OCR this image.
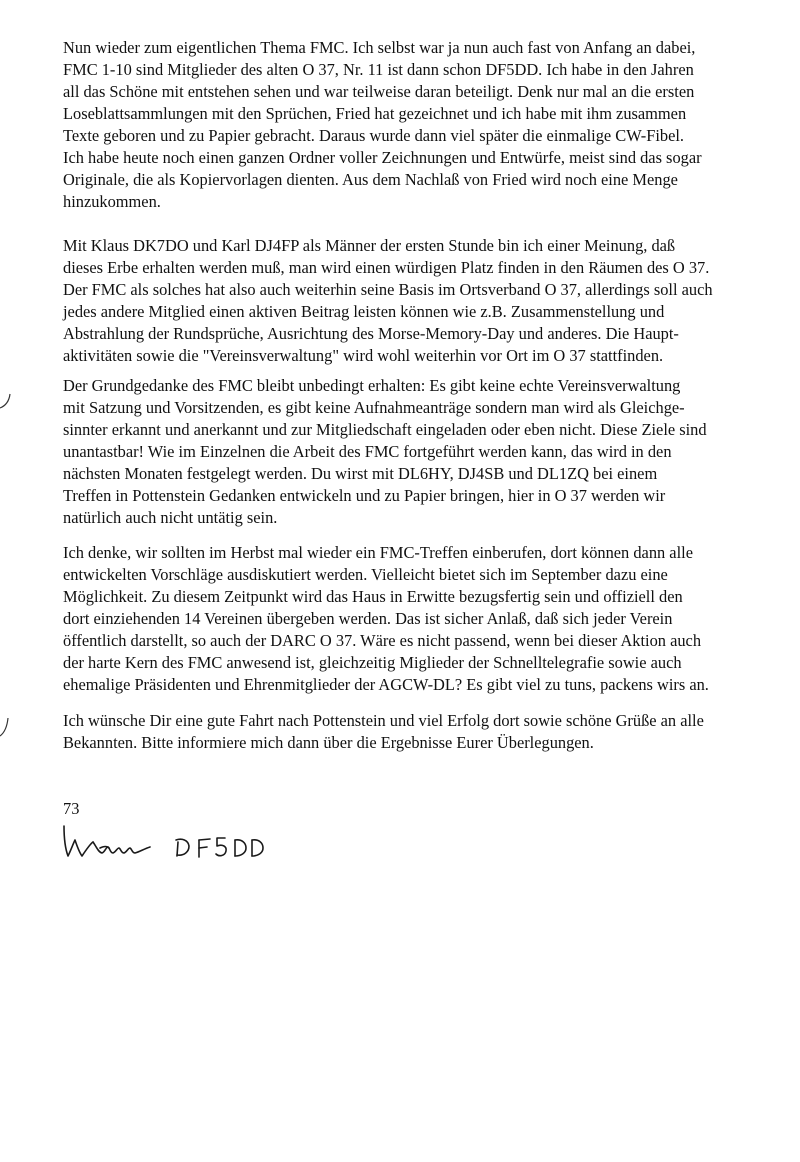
Nun wieder zum eigentlichen Thema FMC. Ich selbst war ja nun auch fast von Anfang an dabei,
FMC 1-10 sind Mitglieder des alten O 37, Nr. 11 ist dann schon DF5DD. Ich habe in den Jahren
all das Schöne mit entstehen sehen und war teilweise daran beteiligt. Denk nur mal an die ersten
Loseblattsammlungen mit den Sprüchen, Fried hat gezeichnet und ich habe mit ihm zusammen
Texte geboren und zu Papier gebracht. Daraus wurde dann viel später die einmalige CW-Fibel.
Ich habe heute noch einen ganzen Ordner voller Zeichnungen und Entwürfe, meist sind das sogar
Originale, die als Kopiervorlagen dienten. Aus dem Nachlaß von Fried wird noch eine Menge
hinzukommen.
Mit Klaus DK7DO und Karl DJ4FP als Männer der ersten Stunde bin ich einer Meinung, daß
dieses Erbe erhalten werden muß, man wird einen würdigen Platz finden in den Räumen des O 37.
Der FMC als solches hat also auch weiterhin seine Basis im Ortsverband O 37, allerdings soll auch
jedes andere Mitglied einen aktiven Beitrag leisten können wie z.B. Zusammenstellung und
Abstrahlung der Rundsprüche, Ausrichtung des Morse-Memory-Day und anderes. Die Haupt-
aktivitäten sowie die "Vereinsverwaltung" wird wohl weiterhin vor Ort im O 37 stattfinden.
Der Grundgedanke des FMC bleibt unbedingt erhalten: Es gibt keine echte Vereinsverwaltung
mit Satzung und Vorsitzenden, es gibt keine Aufnahmeanträge sondern man wird als Gleichge-
sinnter erkannt und anerkannt und zur Mitgliedschaft eingeladen oder eben nicht. Diese Ziele sind
unantastbar! Wie im Einzelnen die Arbeit des FMC fortgeführt werden kann, das wird in den
nächsten Monaten festgelegt werden. Du wirst mit DL6HY, DJ4SB und DL1ZQ bei einem
Treffen in Pottenstein Gedanken entwickeln und zu Papier bringen, hier in O 37 werden wir
natürlich auch nicht untätig sein.
Ich denke, wir sollten im Herbst mal wieder ein FMC-Treffen einberufen, dort können dann alle
entwickelten Vorschläge ausdiskutiert werden. Vielleicht bietet sich im September dazu eine
Möglichkeit. Zu diesem Zeitpunkt wird das Haus in Erwitte bezugsfertig sein und offiziell den
dort einziehenden 14 Vereinen übergeben werden. Das ist sicher Anlaß, daß sich jeder Verein
öffentlich darstellt, so auch der DARC O 37. Wäre es nicht passend, wenn bei dieser Aktion auch
der harte Kern des FMC anwesend ist, gleichzeitig Miglieder der Schnelltelegrafie sowie auch
ehemalige Präsidenten und Ehrenmitglieder der AGCW-DL? Es gibt viel zu tuns, packens wirs an.
Ich wünsche Dir eine gute Fahrt nach Pottenstein und viel Erfolg dort sowie schöne Grüße an alle
Bekannten. Bitte informiere mich dann über die Ergebnisse Eurer Überlegungen.

73
